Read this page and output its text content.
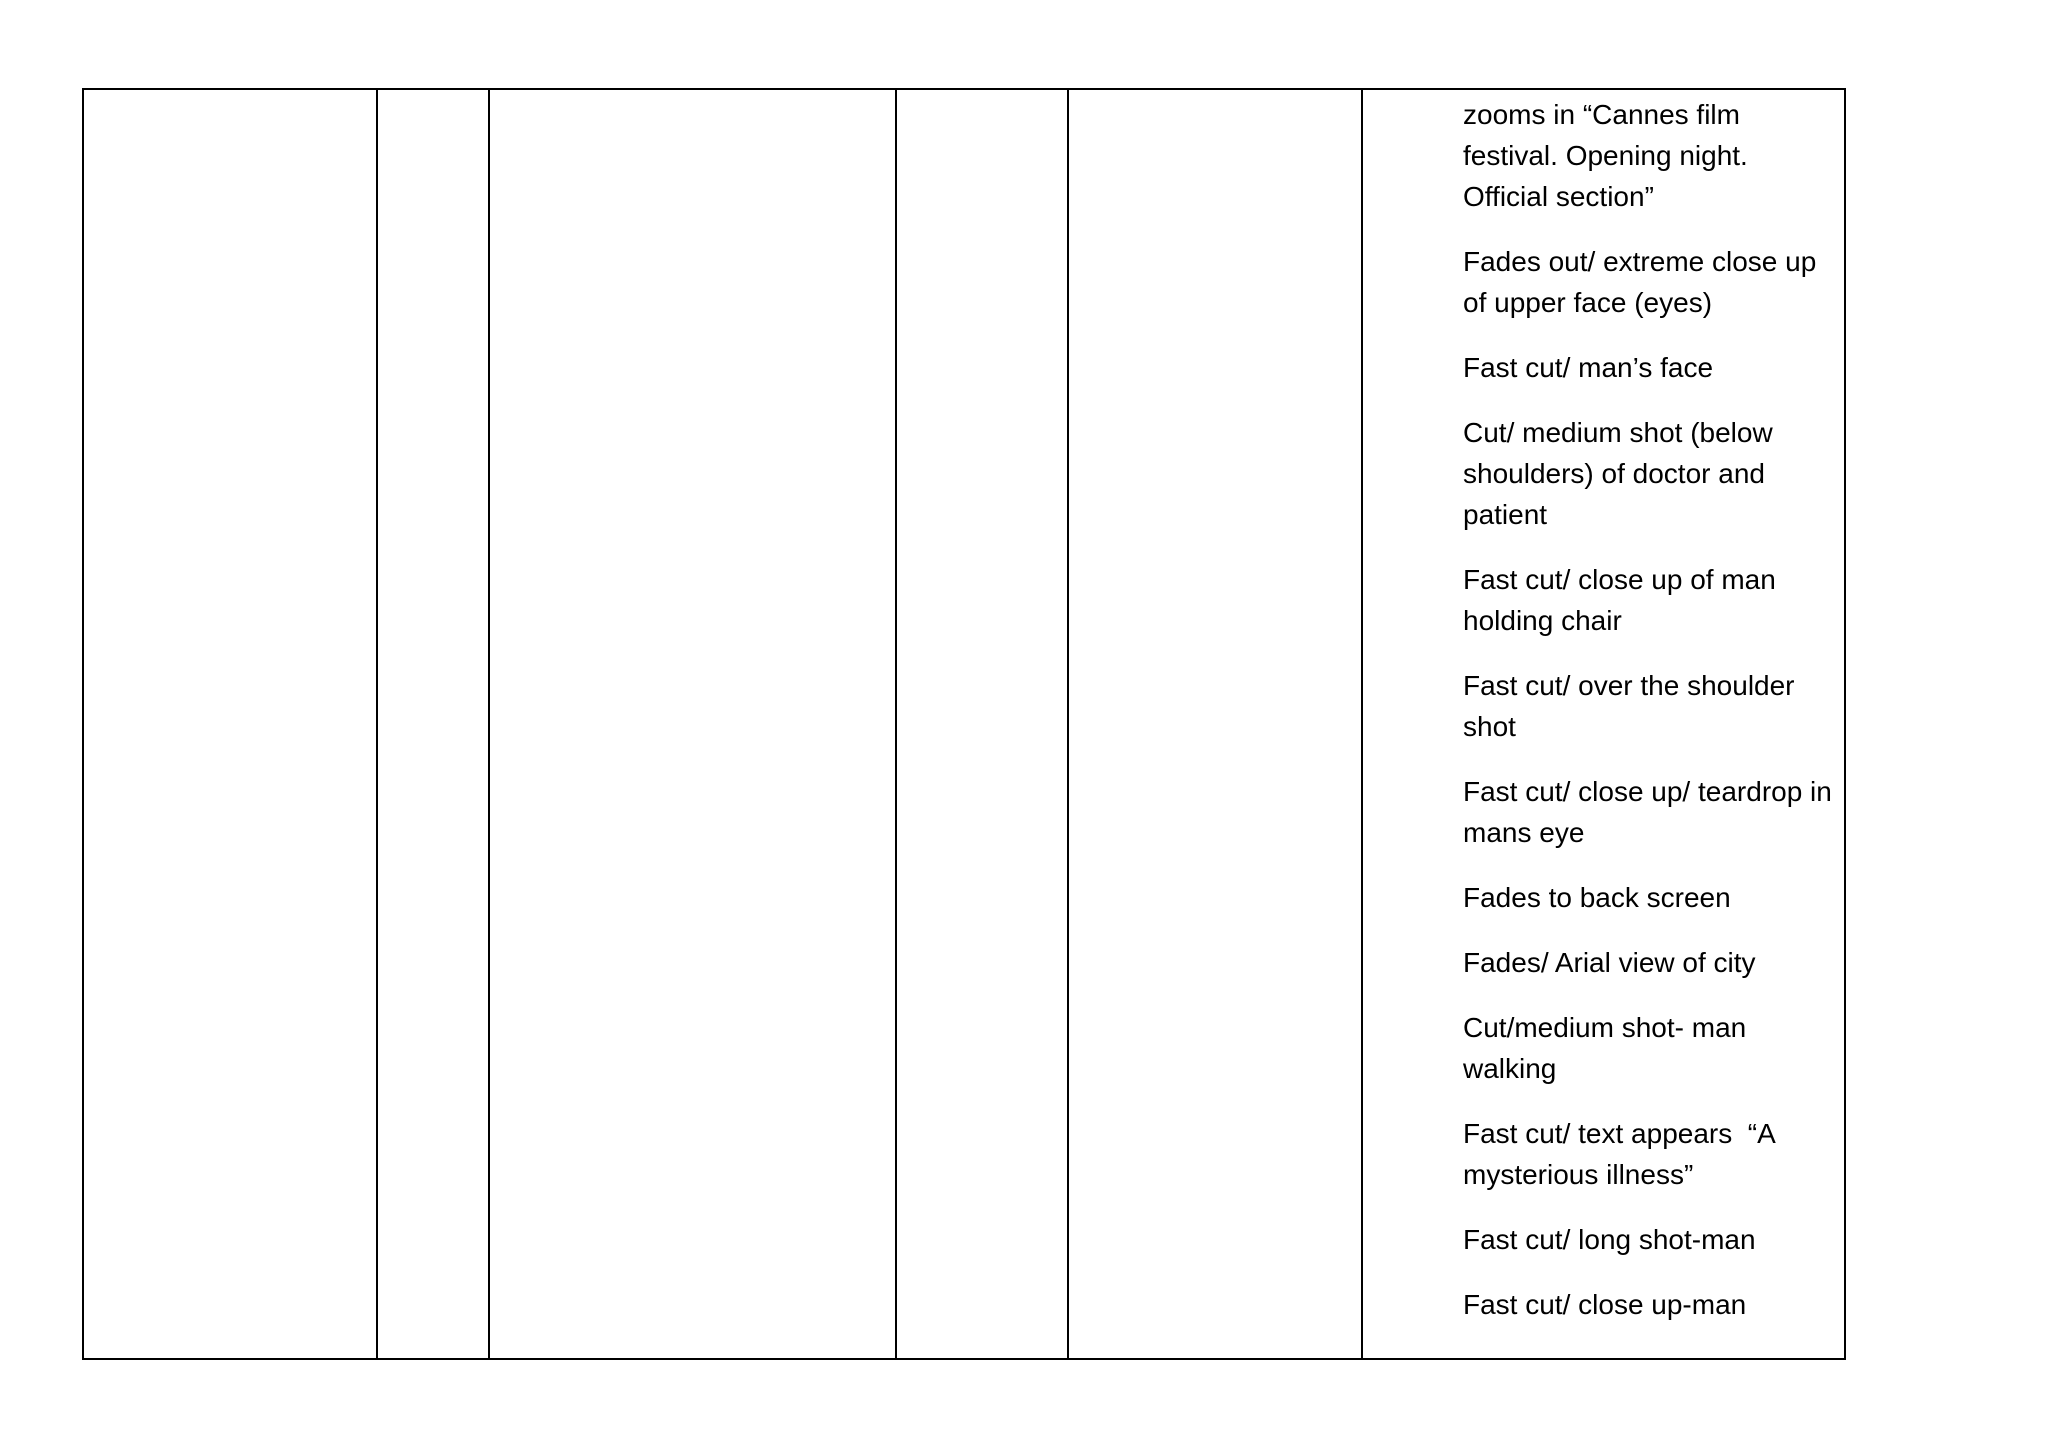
zooms in “Cannes film festival. Opening night. Official section”

Fades out/ extreme close up of upper face (eyes)

Fast cut/ man’s face

Cut/ medium shot (below shoulders) of doctor and patient

Fast cut/ close up of man holding chair

Fast cut/ over the shoulder shot

Fast cut/ close up/ teardrop in mans eye

Fades to back screen

Fades/ Arial view of city

Cut/medium shot- man walking

Fast cut/ text appears  “A mysterious illness”

Fast cut/ long shot-man

Fast cut/ close up-man
